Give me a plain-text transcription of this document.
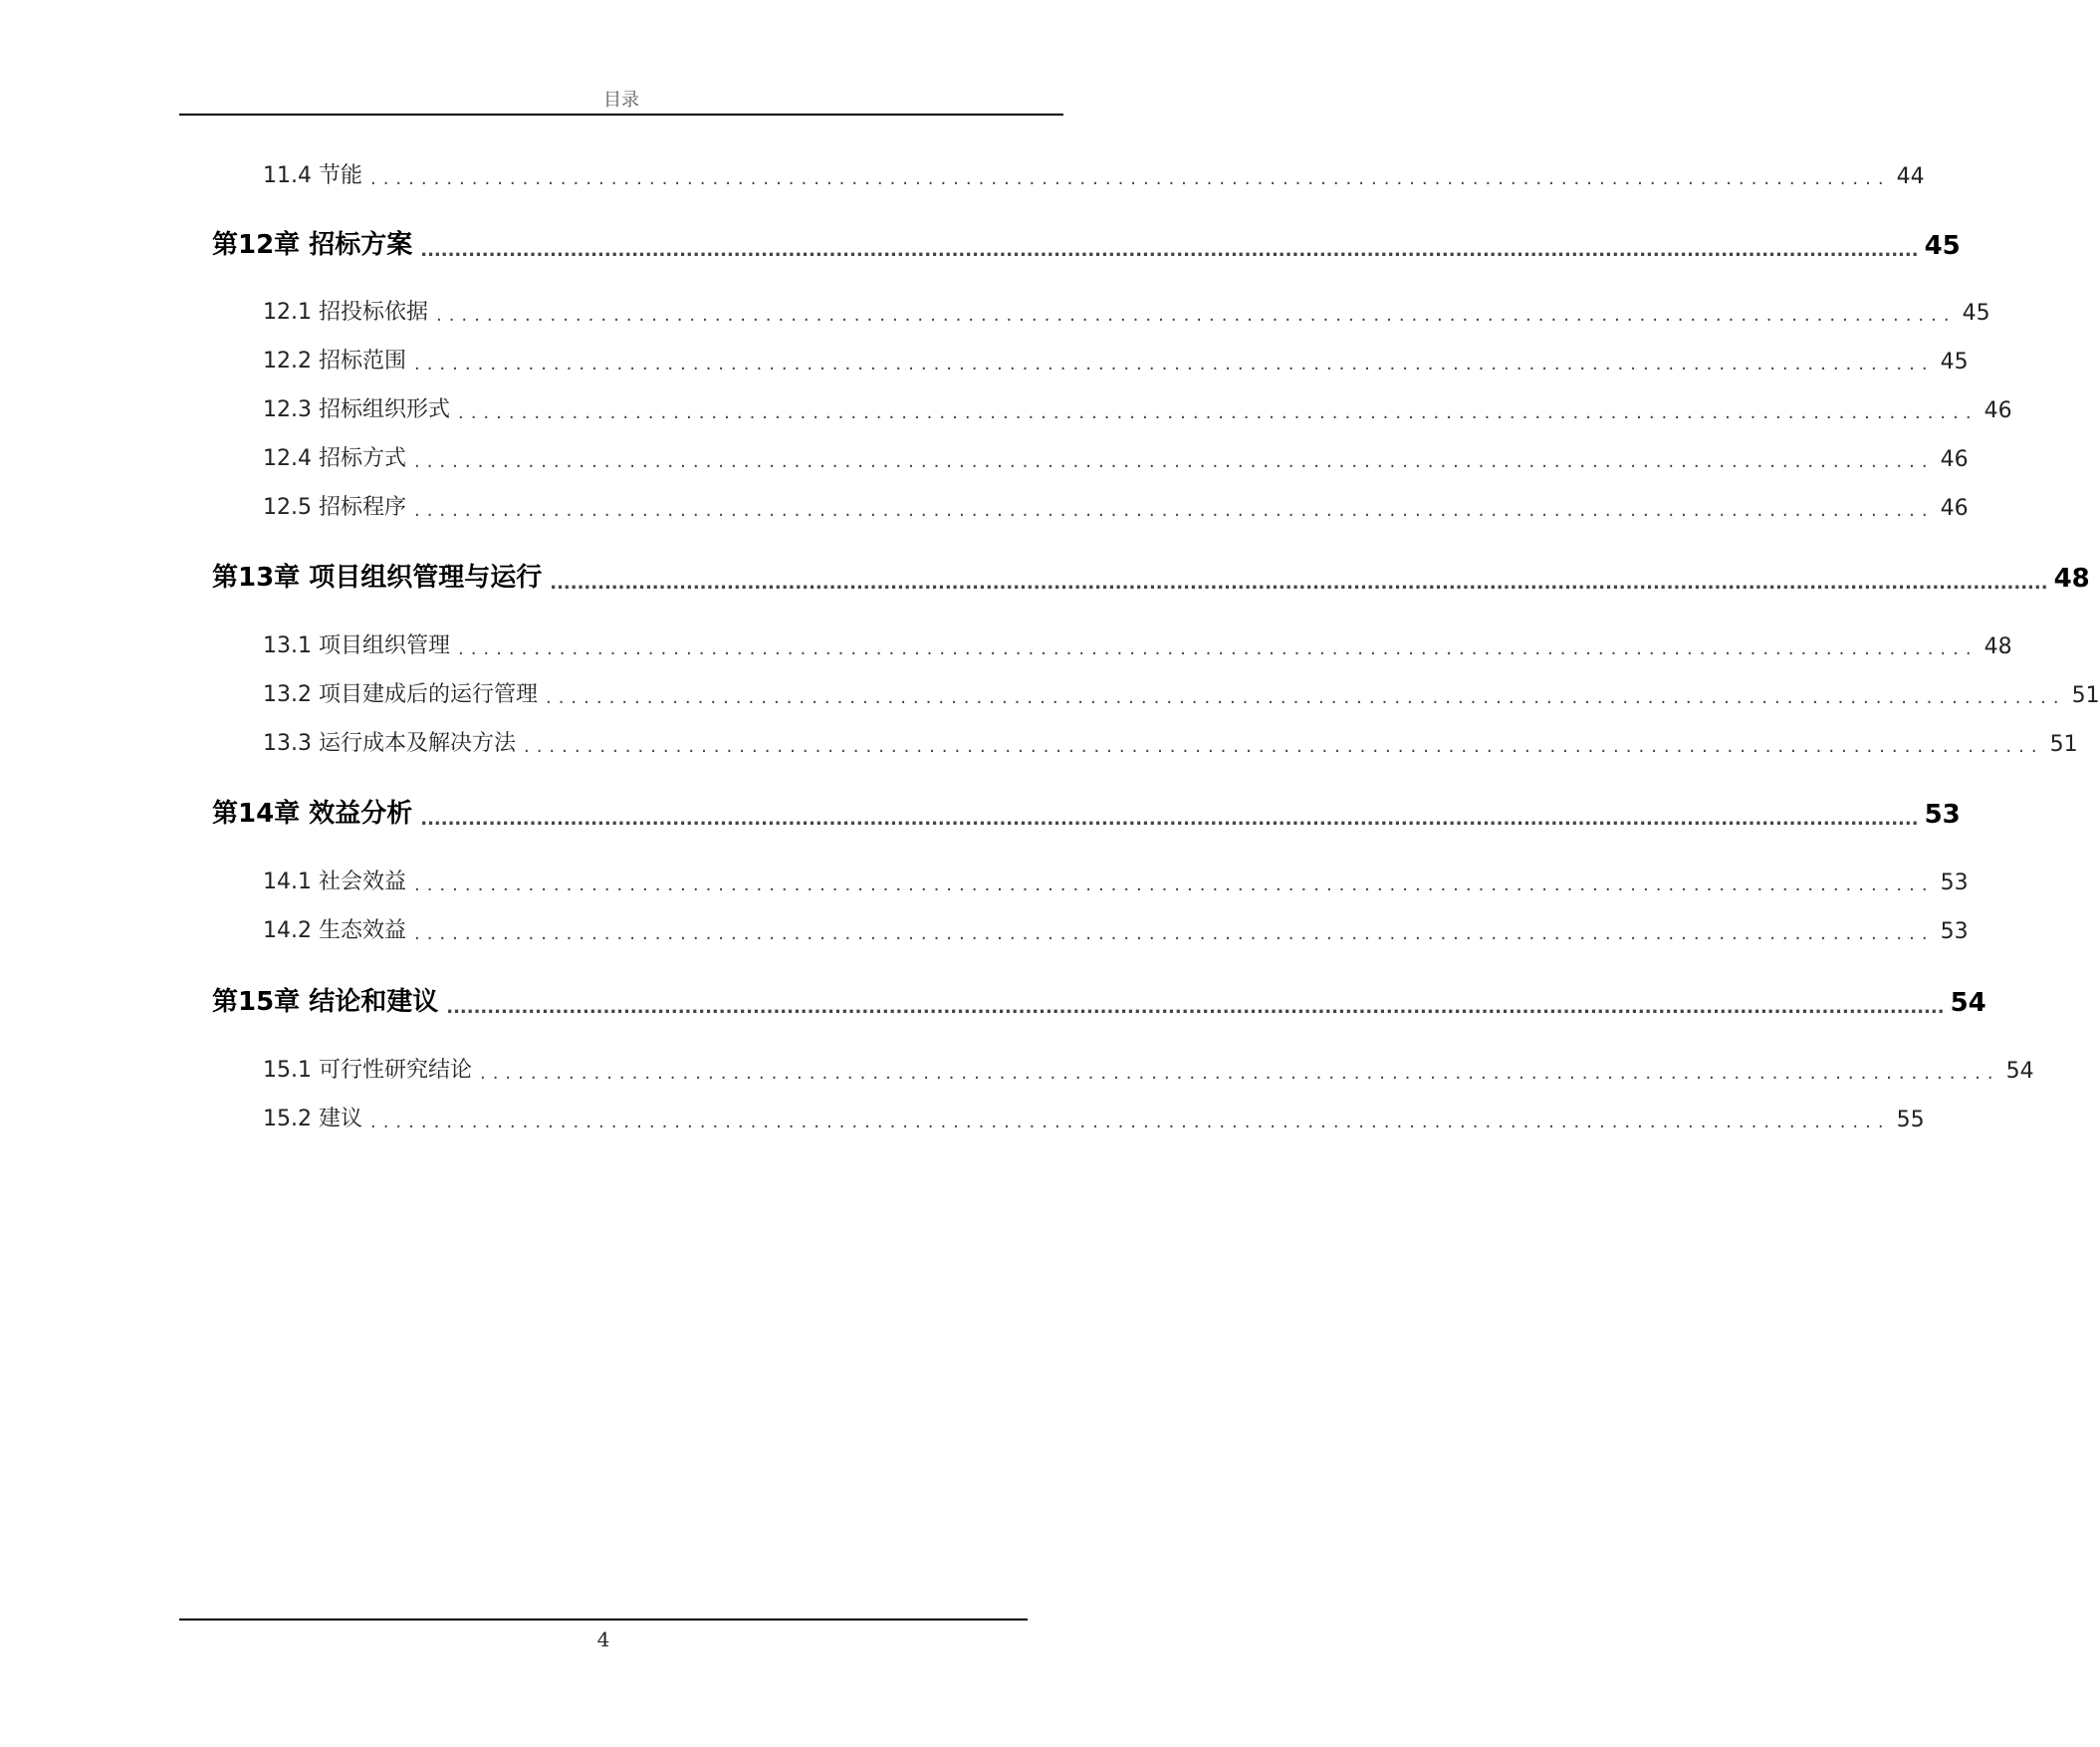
目录
11.4 节能 ........................................................................................................................ 44
第12章 招标方案 ............................................................................................................................................................................................................................ 45
12.1 招投标依据 ........................................................................................................................ 45
12.2 招标范围 ........................................................................................................................ 45
12.3 招标组织形式 ........................................................................................................................ 46
12.4 招标方式 ........................................................................................................................ 46
12.5 招标程序 ........................................................................................................................ 46
第13章 项目组织管理与运行 ............................................................................................................................................................................................................................ 48
13.1 项目组织管理 ........................................................................................................................ 48
13.2 项目建成后的运行管理 ........................................................................................................................ 51
13.3 运行成本及解决方法 ........................................................................................................................ 51
第14章 效益分析 ............................................................................................................................................................................................................................ 53
14.1 社会效益 ........................................................................................................................ 53
14.2 生态效益 ........................................................................................................................ 53
第15章 结论和建议 ............................................................................................................................................................................................................................ 54
15.1 可行性研究结论 ........................................................................................................................ 54
15.2 建议 ........................................................................................................................ 55
4
